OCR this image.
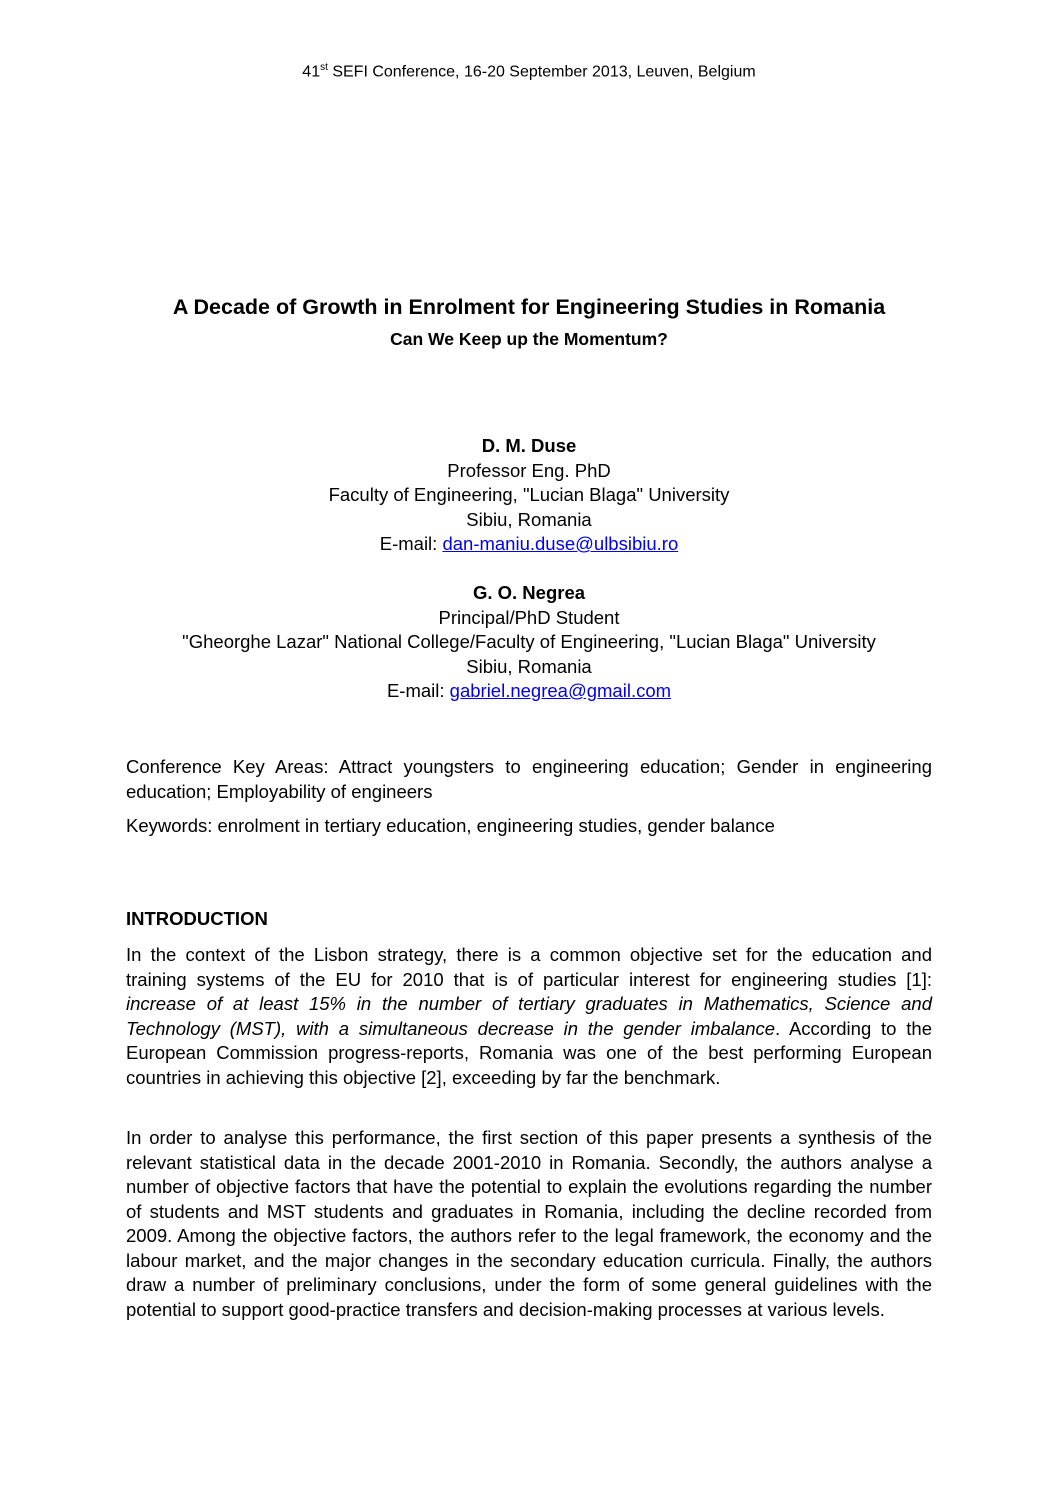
41st SEFI Conference, 16-20 September 2013, Leuven, Belgium
A Decade of Growth in Enrolment for Engineering Studies in Romania
Can We Keep up the Momentum?
D. M. Duse
Professor Eng. PhD
Faculty of Engineering, "Lucian Blaga" University
Sibiu, Romania
E-mail: dan-maniu.duse@ulbsibiu.ro
G. O. Negrea
Principal/PhD Student
"Gheorghe Lazar" National College/Faculty of Engineering, "Lucian Blaga" University
Sibiu, Romania
E-mail: gabriel.negrea@gmail.com

Conference Key Areas: Attract youngsters to engineering education; Gender in engineering education; Employability of engineers

Keywords: enrolment in tertiary education, engineering studies, gender balance

INTRODUCTION

In the context of the Lisbon strategy, there is a common objective set for the education and training systems of the EU for 2010 that is of particular interest for engineering studies [1]: increase of at least 15% in the number of tertiary graduates in Mathematics, Science and Technology (MST), with a simultaneous decrease in the gender imbalance. According to the European Commission progress-reports, Romania was one of the best performing European countries in achieving this objective [2], exceeding by far the benchmark.

In order to analyse this performance, the first section of this paper presents a synthesis of the relevant statistical data in the decade 2001-2010 in Romania. Secondly, the authors analyse a number of objective factors that have the potential to explain the evolutions regarding the number of students and MST students and graduates in Romania, including the decline recorded from 2009. Among the objective factors, the authors refer to the legal framework, the economy and the labour market, and the major changes in the secondary education curricula. Finally, the authors draw a number of preliminary conclusions, under the form of some general guidelines with the potential to support good-practice transfers and decision-making processes at various levels.
